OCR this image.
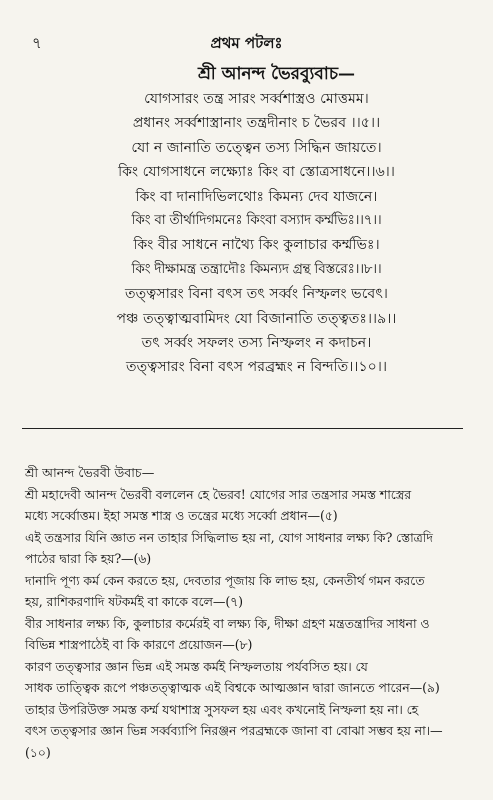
৭	প্রথম পটলঃ
শ্রী আনন্দ ভৈরব্যুবাচ—
যোগসারং তন্ত্র সারং সর্ব্বশাস্ত্রও মোত্তমম।
প্রধানং সর্ব্বশাস্ত্রানাং তন্ত্রদীনাং চ ভৈরব ।।৫।।
যো ন জানাতি তত্ত্বেন তস্য সিদ্ধিন জায়তে।
কিং যোগসাধনে লক্ষ্যোঃ কিং বা স্তোত্রসাধনে।।৬।।
কিং বা দানাদিভিলথোঃ কিমন্য দেব যাজনে।
কিং বা তীর্থাদিগমনেঃ কিংবা বস্যাদ কর্ম্মভিঃ।।৭।।
কিং বীর সাধনে নাথ্যৈ কিং কুলাচার কর্ম্মভিঃ।
কিং দীক্ষামন্ত্র তন্ত্রাদৌঃ কিমন্যদ গ্রন্থ বিস্তরেঃ।।৮।।
তত্ত্বসারং বিনা বৎস তৎ সর্ব্বং নিস্ফলং ভবেৎ।
পঞ্চ তত্ত্বাত্মবামিদং যো বিজানাতি তত্ত্বতঃ।।৯।।
তৎ সর্ব্বং সফলং তস্য নিস্ফলং ন কদাচন।
তত্ত্বসারং বিনা বৎস পরব্রহ্মং ন বিন্দতি।।১০।।
শ্রী আনন্দ ভৈরবী উবাচ—
শ্রী মহাদেবী আনন্দ ভৈরবী বললেন হে ভৈরব! যোগের সার তন্ত্রসার সমস্ত শাস্ত্রের
মধ্যে সর্ব্বোত্তম। ইহা সমস্ত শাস্ত্র ও তন্ত্রের মধ্যে সর্ব্বো প্রধান—(৫)
এই তন্ত্রসার যিনি জ্ঞাত নন তাহার সিদ্ধিলাভ হয় না, যোগ সাধনার লক্ষ্য কি? স্তোত্রদি
পাঠের দ্বারা কি হয়?—(৬)
দানাদি পূণ্য কর্ম কেন করতে হয়, দেবতার পূজায় কি লাভ হয়, কেনতীর্থ গমন করতে
হয়, রাশিকরণাদি ষটকর্মই বা কাকে বলে—(৭)
বীর সাধনার লক্ষ্য কি, কুলাচার কর্মেরই বা লক্ষ্য কি, দীক্ষা গ্রহণ মন্ত্রতন্ত্রাদির সাধনা ও
বিভিন্ন শাস্ত্রপাঠেই বা কি কারণে প্রয়োজন—(৮)
কারণ তত্ত্বসার জ্ঞান ভিন্ন এই সমস্ত কর্মই নিস্ফলতায় পর্যবসিত হয়। যে
সাধক তাত্ত্বিক রূপে পঞ্চতত্ত্বাত্মক এই বিশ্বকে আত্মজ্ঞান দ্বারা জানতে পারেন—(৯)
তাহার উপরিউক্ত সমস্ত কর্ম্ম যথাশাস্ত্র সুসফল হয় এবং কখনোই নিস্ফলা হয় না। হে
বৎস তত্ত্বসার জ্ঞান ভিন্ন সর্ব্বব্যাপি নিরঞ্জন পরব্রহ্মকে জানা বা বোঝা সম্ভব হয় না।—
(১০)
